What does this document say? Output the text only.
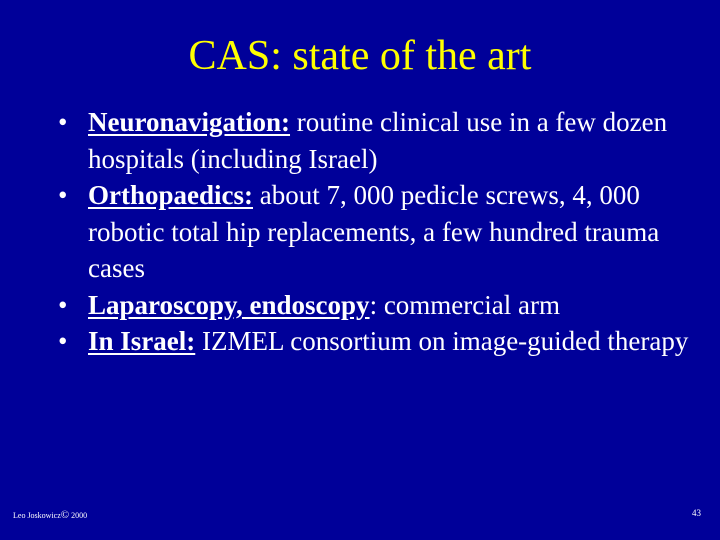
CAS: state of the art
• Neuronavigation: routine clinical use in a few dozen hospitals (including Israel)
• Orthopaedics: about 7, 000 pedicle screws, 4, 000 robotic total hip replacements, a few hundred trauma cases
• Laparoscopy, endoscopy: commercial arm
• In Israel: IZMEL consortium on image-guided therapy
Leo Joskowicz© 2000	43
